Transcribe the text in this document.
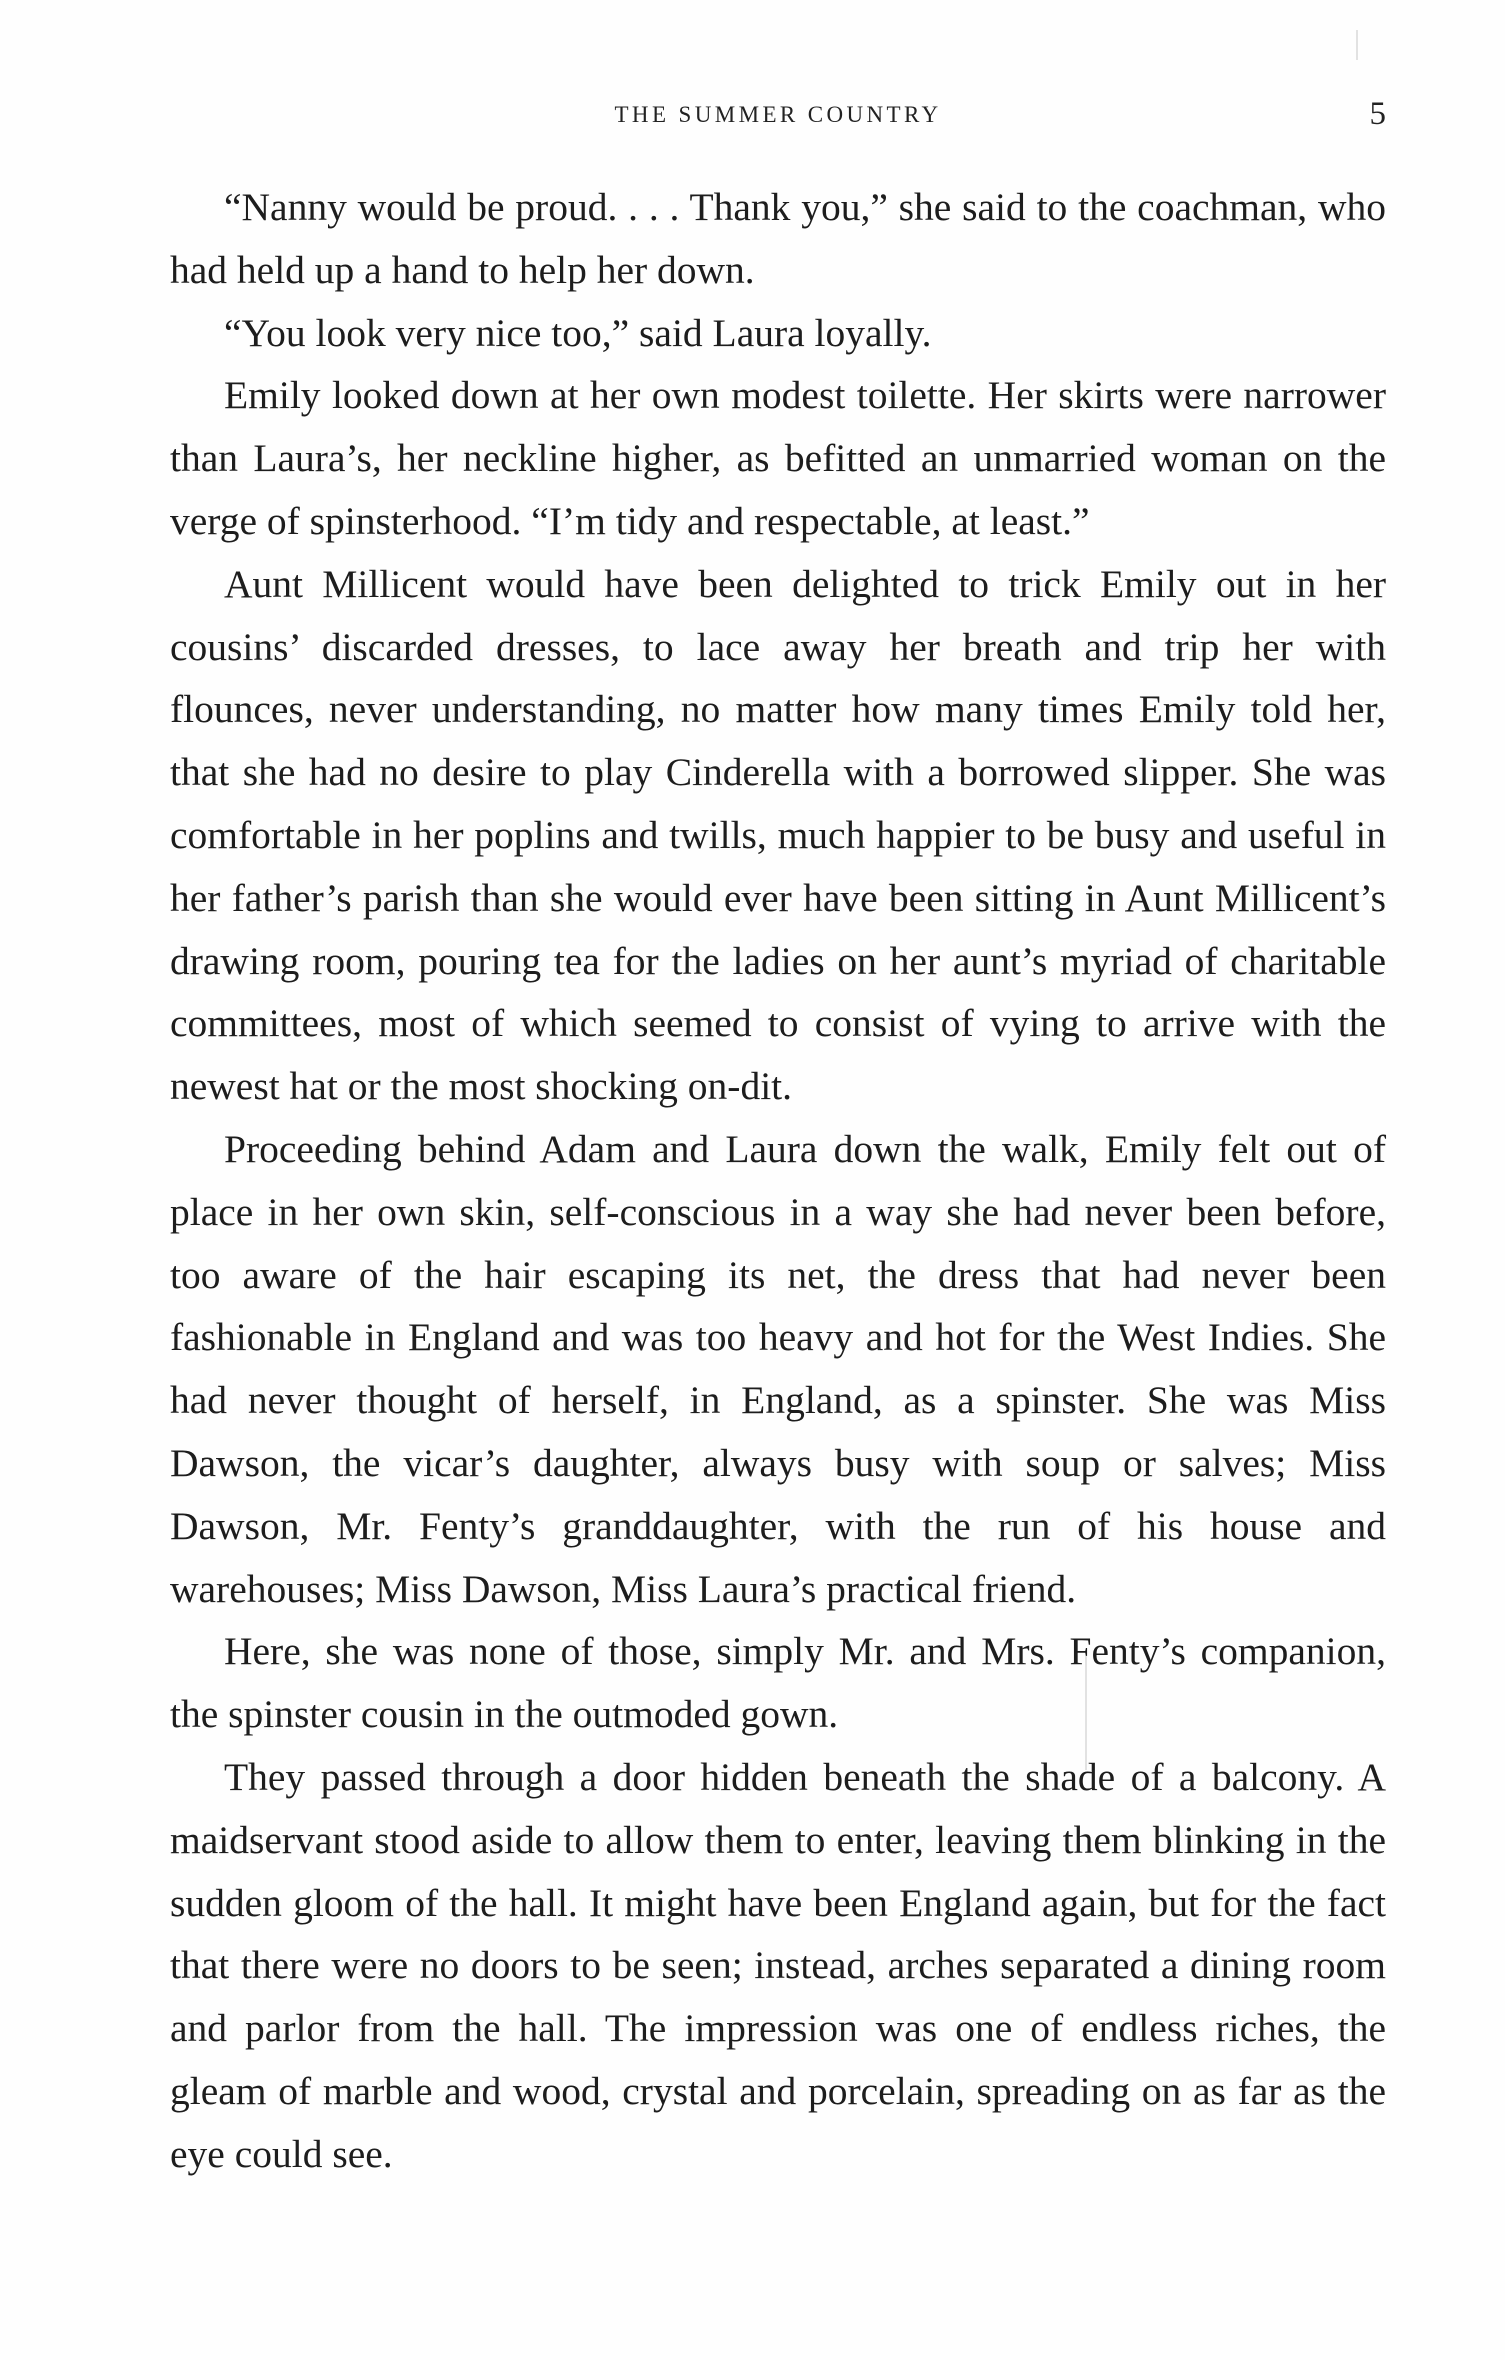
THE SUMMER COUNTRY	5

“Nanny would be proud. . . . Thank you,” she said to the coachman, who had held up a hand to help her down.

“You look very nice too,” said Laura loyally.

Emily looked down at her own modest toilette. Her skirts were narrower than Laura’s, her neckline higher, as befitted an unmarried woman on the verge of spinsterhood. “I’m tidy and respectable, at least.”

Aunt Millicent would have been delighted to trick Emily out in her cousins’ discarded dresses, to lace away her breath and trip her with flounces, never understanding, no matter how many times Emily told her, that she had no desire to play Cinderella with a borrowed slipper. She was comfortable in her poplins and twills, much happier to be busy and useful in her father’s parish than she would ever have been sitting in Aunt Millicent’s drawing room, pouring tea for the ladies on her aunt’s myriad of charitable committees, most of which seemed to consist of vying to arrive with the newest hat or the most shocking on-dit.

Proceeding behind Adam and Laura down the walk, Emily felt out of place in her own skin, self-conscious in a way she had never been before, too aware of the hair escaping its net, the dress that had never been fashionable in England and was too heavy and hot for the West Indies. She had never thought of herself, in England, as a spinster. She was Miss Dawson, the vicar’s daughter, always busy with soup or salves; Miss Dawson, Mr. Fenty’s granddaughter, with the run of his house and warehouses; Miss Dawson, Miss Laura’s practical friend.

Here, she was none of those, simply Mr. and Mrs. Fenty’s companion, the spinster cousin in the outmoded gown.

They passed through a door hidden beneath the shade of a balcony. A maidservant stood aside to allow them to enter, leaving them blinking in the sudden gloom of the hall. It might have been England again, but for the fact that there were no doors to be seen; instead, arches separated a dining room and parlor from the hall. The impression was one of endless riches, the gleam of marble and wood, crystal and porcelain, spreading on as far as the eye could see.
